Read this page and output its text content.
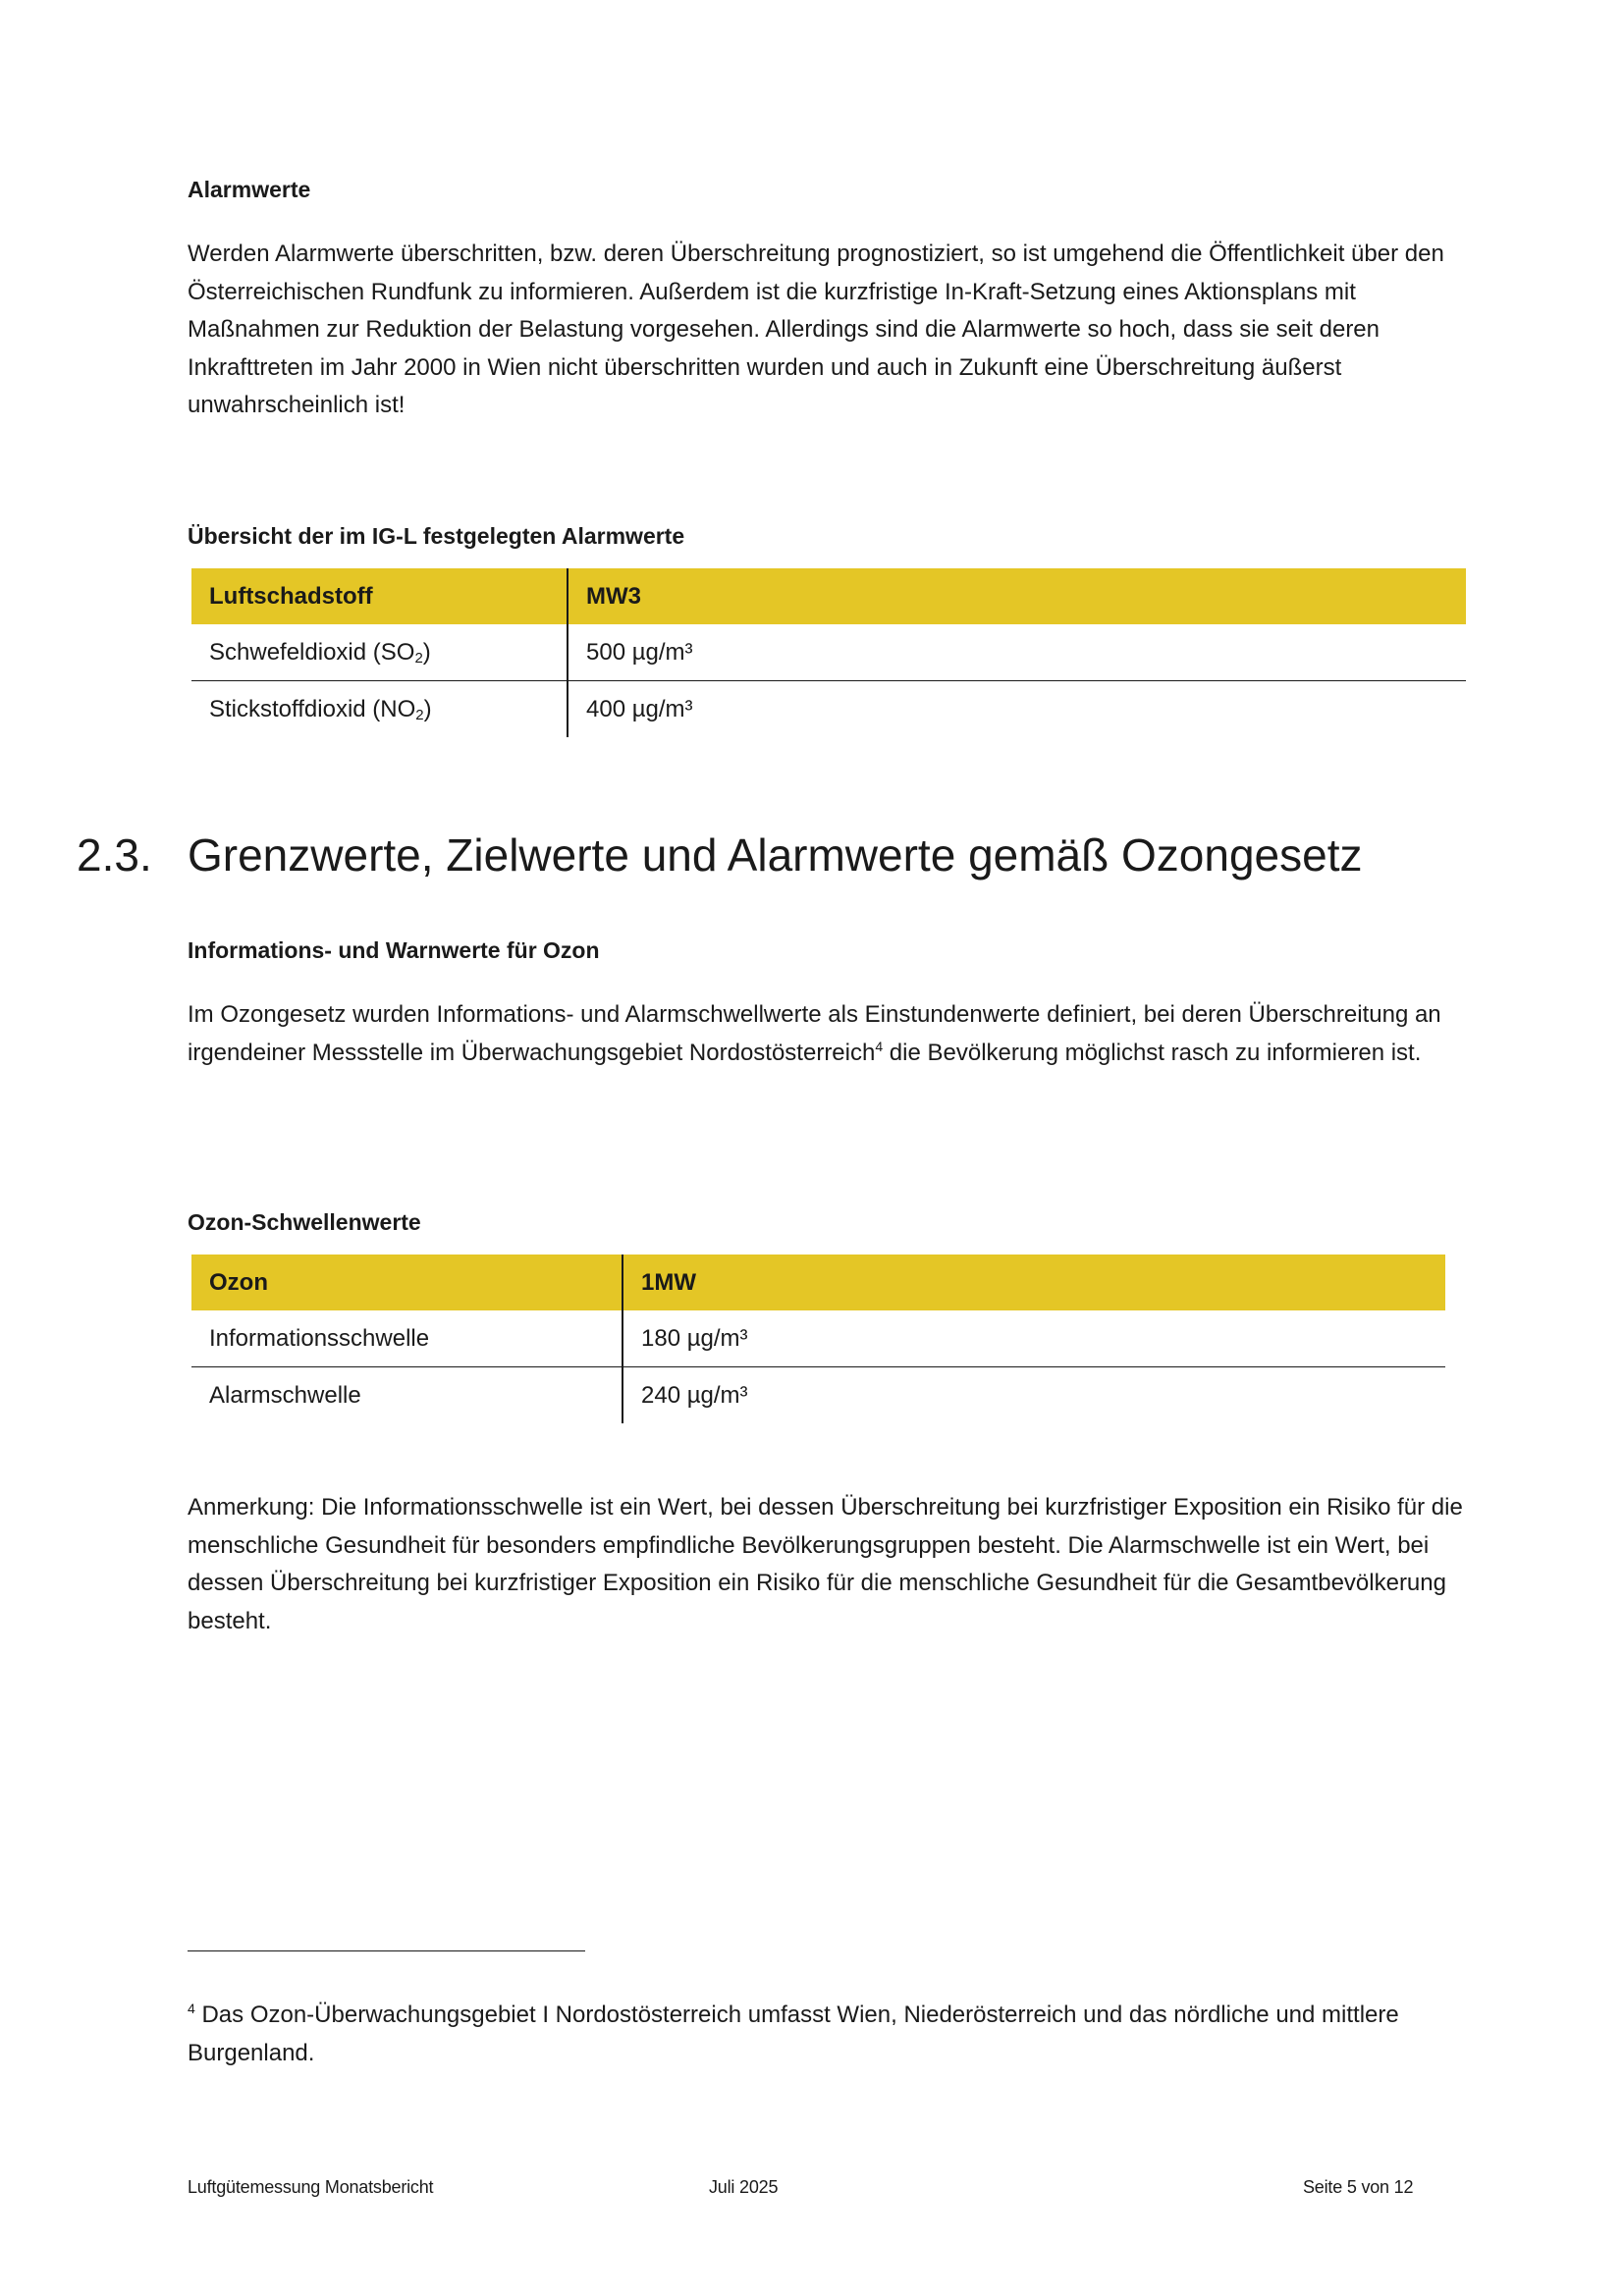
Alarmwerte
Werden Alarmwerte überschritten, bzw. deren Überschreitung prognostiziert, so ist umgehend die Öffentlichkeit über den Österreichischen Rundfunk zu informieren. Außerdem ist die kurzfristige In-Kraft-Setzung eines Aktionsplans mit Maßnahmen zur Reduktion der Belastung vorgesehen. Allerdings sind die Alarmwerte so hoch, dass sie seit deren Inkrafttreten im Jahr 2000 in Wien nicht überschritten wurden und auch in Zukunft eine Überschreitung äußerst unwahrscheinlich ist!
Übersicht der im IG-L festgelegten Alarmwerte
Luftschadstoff	MW3
Schwefeldioxid $(SO_2)$	500 µg/m³
Stickstoffdioxid $(NO_2)$	400 µg/m³
2.3. Grenzwerte, Zielwerte und Alarmwerte gemäß Ozongesetz
Informations- und Warnwerte für Ozon
Im Ozongesetz wurden Informations- und Alarmschwellwerte als Einstundenwerte definiert, bei deren Überschreitung an irgendeiner Messstelle im Überwachungsgebiet Nordostösterreich$^4$ die Bevölkerung möglichst rasch zu informieren ist.
Ozon-Schwellenwerte
Ozon	1MW
Informationsschwelle	180 µg/m³
Alarmschwelle	240 µg/m³
Anmerkung: Die Informationsschwelle ist ein Wert, bei dessen Überschreitung bei kurzfristiger Exposition ein Risiko für die menschliche Gesundheit für besonders empfindliche Bevölkerungsgruppen besteht. Die Alarmschwelle ist ein Wert, bei dessen Überschreitung bei kurzfristiger Exposition ein Risiko für die menschliche Gesundheit für die Gesamtbevölkerung besteht.
$^4$ Das Ozon-Überwachungsgebiet I Nordostösterreich umfasst Wien, Niederösterreich und das nördliche und mittlere Burgenland.
Luftgütemessung Monatsbericht	Juli 2025	Seite 5 von 12
